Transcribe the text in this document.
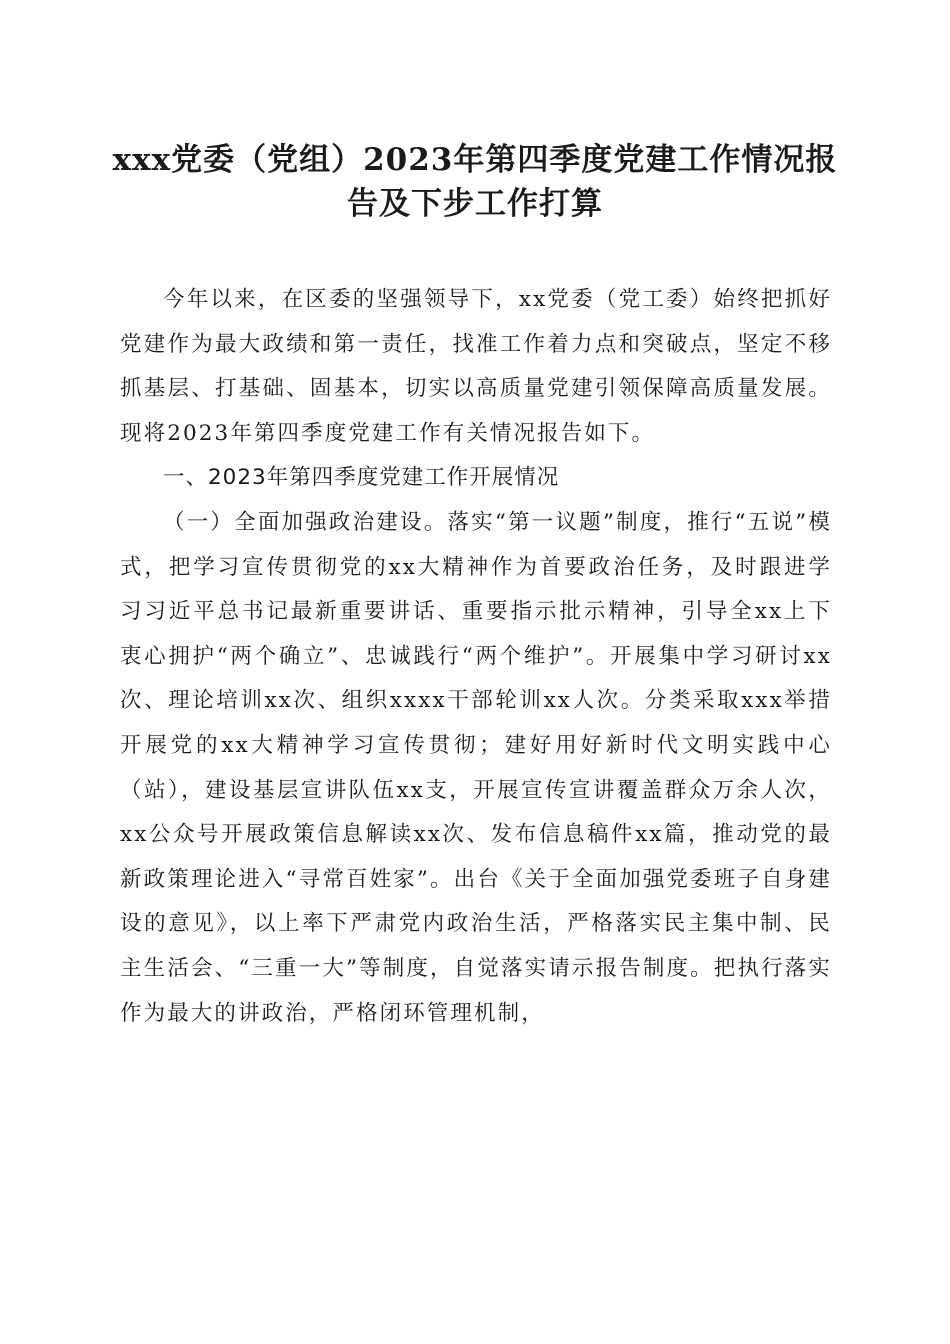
xxx党委（党组）2023年第四季度党建工作情况报告及下步工作打算

今年以来，在区委的坚强领导下，xx党委（党工委）始终把抓好党建作为最大政绩和第一责任，找准工作着力点和突破点，坚定不移抓基层、打基础、固基本，切实以高质量党建引领保障高质量发展。现将2023年第四季度党建工作有关情况报告如下。

一、2023年第四季度党建工作开展情况

（一）全面加强政治建设。落实“第一议题”制度，推行“五说”模式，把学习宣传贯彻党的xx大精神作为首要政治任务，及时跟进学习习近平总书记最新重要讲话、重要指示批示精神，引导全xx上下衷心拥护“两个确立”、忠诚践行“两个维护”。开展集中学习研讨xx次、理论培训xx次、组织xxxx干部轮训xx人次。分类采取xxx举措开展党的xx大精神学习宣传贯彻；建好用好新时代文明实践中心（站），建设基层宣讲队伍xx支，开展宣传宣讲覆盖群众万余人次，xx公众号开展政策信息解读xx次、发布信息稿件xx篇，推动党的最新政策理论进入“寻常百姓家”。出台《关于全面加强党委班子自身建设的意见》，以上率下严肃党内政治生活，严格落实民主集中制、民主生活会、“三重一大”等制度，自觉落实请示报告制度。把执行落实作为最大的讲政治，严格闭环管理机制，
